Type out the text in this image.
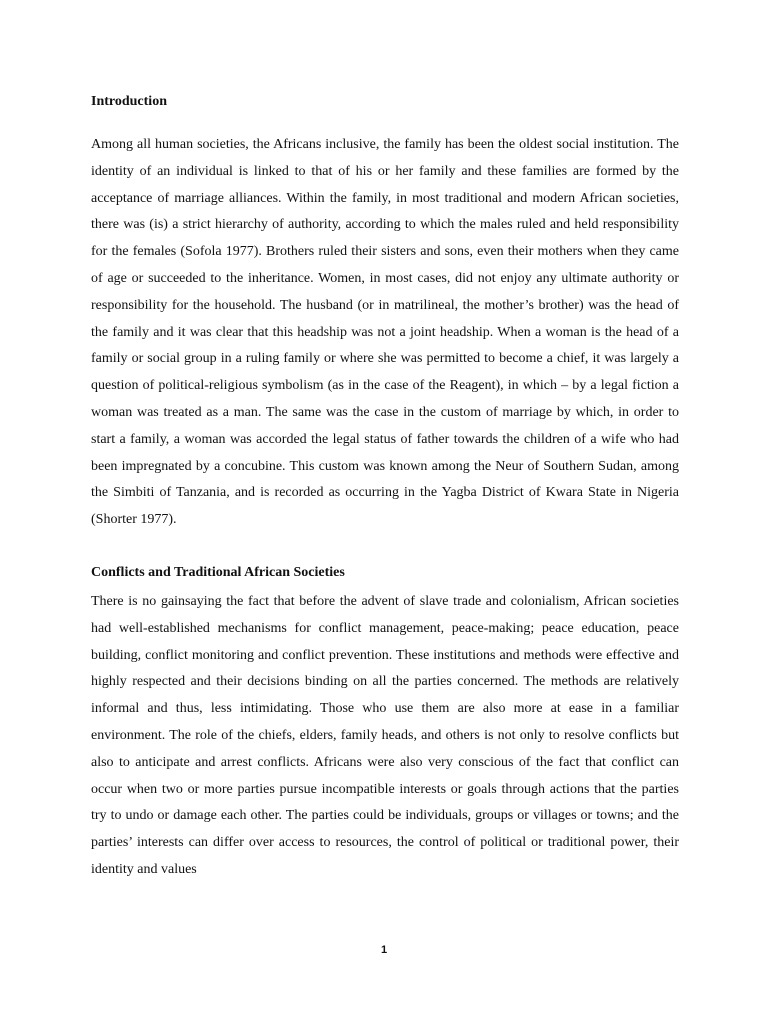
Introduction

Among all human societies, the Africans inclusive, the family has been the oldest social institution. The identity of an individual is linked to that of his or her family and these families are formed by the acceptance of marriage alliances. Within the family, in most traditional and modern African societies, there was (is) a strict hierarchy of authority, according to which the males ruled and held responsibility for the females (Sofola 1977). Brothers ruled their sisters and sons, even their mothers when they came of age or succeeded to the inheritance. Women, in most cases, did not enjoy any ultimate authority or responsibility for the household. The husband (or in matrilineal, the mother’s brother) was the head of the family and it was clear that this headship was not a joint headship. When a woman is the head of a family or social group in a ruling family or where she was permitted to become a chief, it was largely a question of political-religious symbolism (as in the case of the Reagent), in which – by a legal fiction a woman was treated as a man. The same was the case in the custom of marriage by which, in order to start a family, a woman was accorded the legal status of father towards the children of a wife who had been impregnated by a concubine. This custom was known among the Neur of Southern Sudan, among the Simbiti of Tanzania, and is recorded as occurring in the Yagba District of Kwara State in Nigeria (Shorter 1977).

Conflicts and Traditional African Societies

There is no gainsaying the fact that before the advent of slave trade and colonialism, African societies had well-established mechanisms for conflict management, peace-making; peace education, peace building, conflict monitoring and conflict prevention. These institutions and methods were effective and highly respected and their decisions binding on all the parties concerned. The methods are relatively informal and thus, less intimidating. Those who use them are also more at ease in a familiar environment. The role of the chiefs, elders, family heads, and others is not only to resolve conflicts but also to anticipate and arrest conflicts. Africans were also very conscious of the fact that conflict can occur when two or more parties pursue incompatible interests or goals through actions that the parties try to undo or damage each other. The parties could be individuals, groups or villages or towns; and the parties’ interests can differ over access to resources, the control of political or traditional power, their identity and values

1
